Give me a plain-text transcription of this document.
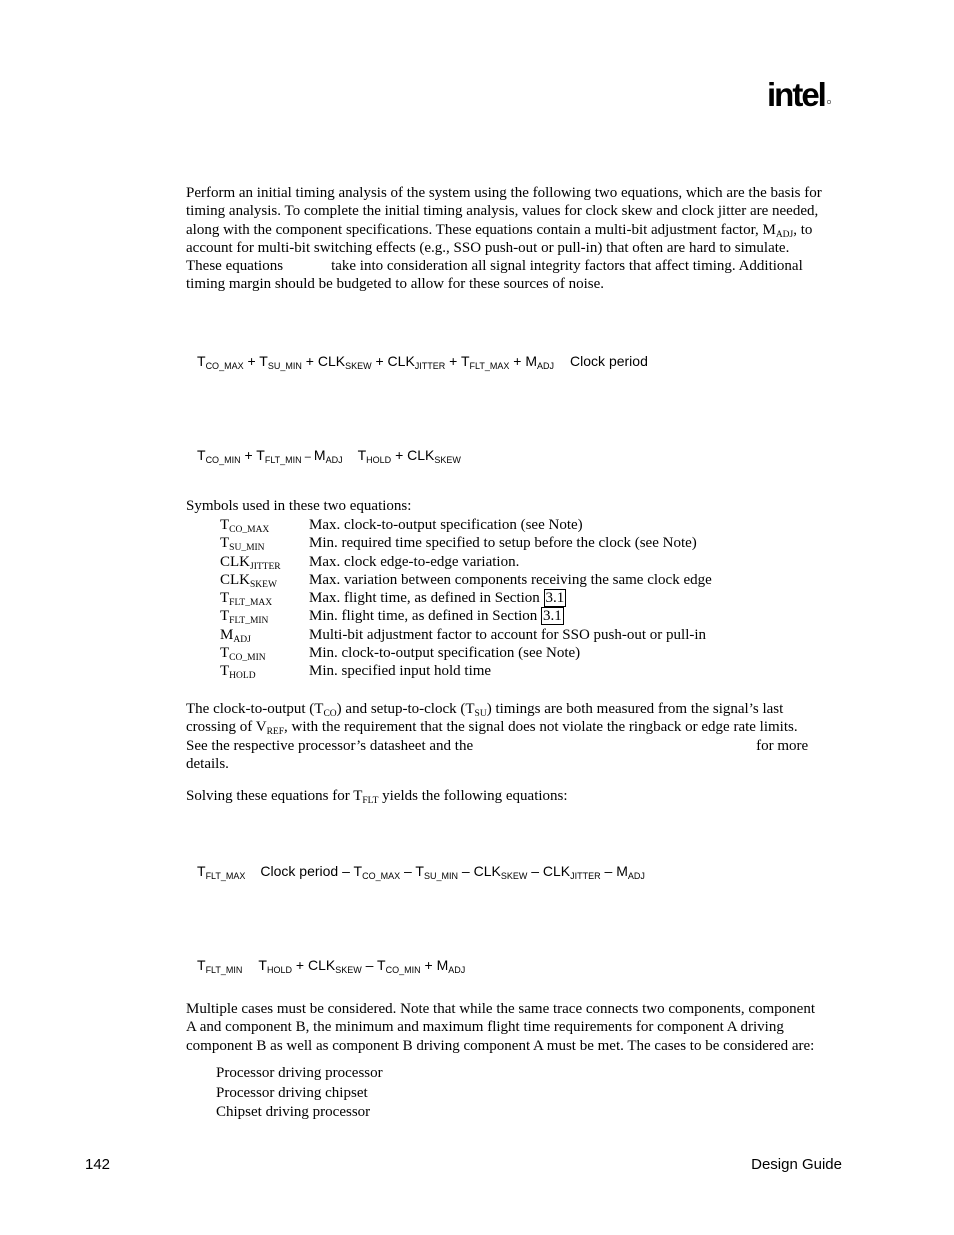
intel
Perform an initial timing analysis of the system using the following two equations, which are the basis for
timing analysis. To complete the initial timing analysis, values for clock skew and clock jitter are needed,
along with the component specifications. These equations contain a multi-bit adjustment factor, $M_{ADJ}$, to
account for multi-bit switching effects (e.g., SSO push-out or pull-in) that often are hard to simulate.
These equations	take into consideration all signal integrity factors that affect timing. Additional
timing margin should be budgeted to allow for these sources of noise.
$T_{CO\_MAX} + T_{SU\_MIN} + CLK_{SKEW} + CLK_{JITTER} + T_{FLT\_MAX} + M_{ADJ}$ Clock period
$T_{CO\_MIN} + T_{FLT\_MIN} - M_{ADJ}$ $T_{HOLD} + CLK_{SKEW}$
Symbols used in these two equations:
$T_{CO\_MAX}$	Max. clock-to-output specification (see Note)
$T_{SU\_MIN}$	Min. required time specified to setup before the clock (see Note)
$CLK_{JITTER}$ Max. clock edge-to-edge variation.
$CLK_{SKEW}$ Max. variation between components receiving the same clock edge
$T_{FLT\_MAX}$ Max. flight time, as defined in Section 3.1
$T_{FLT\_MIN}$	Min. flight time, as defined in Section 3.1
$M_{ADJ}$	Multi-bit adjustment factor to account for SSO push-out or pull-in
$T_{CO\_MIN}$	Min. clock-to-output specification (see Note)
$T_{HOLD}$	Min. specified input hold time
The clock-to-output $(T_{CO})$ and setup-to-clock $(T_{SU})$ timings are both measured from the signal’s last
crossing of $V_{REF}$, with the requirement that the signal does not violate the ringback or edge rate limits.
See the respective processor’s datasheet and the	for more
details.
Solving these equations for $T_{FLT}$ yields the following equations:
$T_{FLT\_MAX}$ Clock period – $T_{CO\_MAX} - T_{SU\_MIN} - CLK_{SKEW} - CLK_{JITTER} - M_{ADJ}$
$T_{FLT\_MIN}$ $T_{HOLD} + CLK_{SKEW} - T_{CO\_MIN} + M_{ADJ}$
Multiple cases must be considered. Note that while the same trace connects two components, component
A and component B, the minimum and maximum flight time requirements for component A driving
component B as well as component B driving component A must be met. The cases to be considered are:
Processor driving processor
Processor driving chipset
Chipset driving processor
142	Design Guide
